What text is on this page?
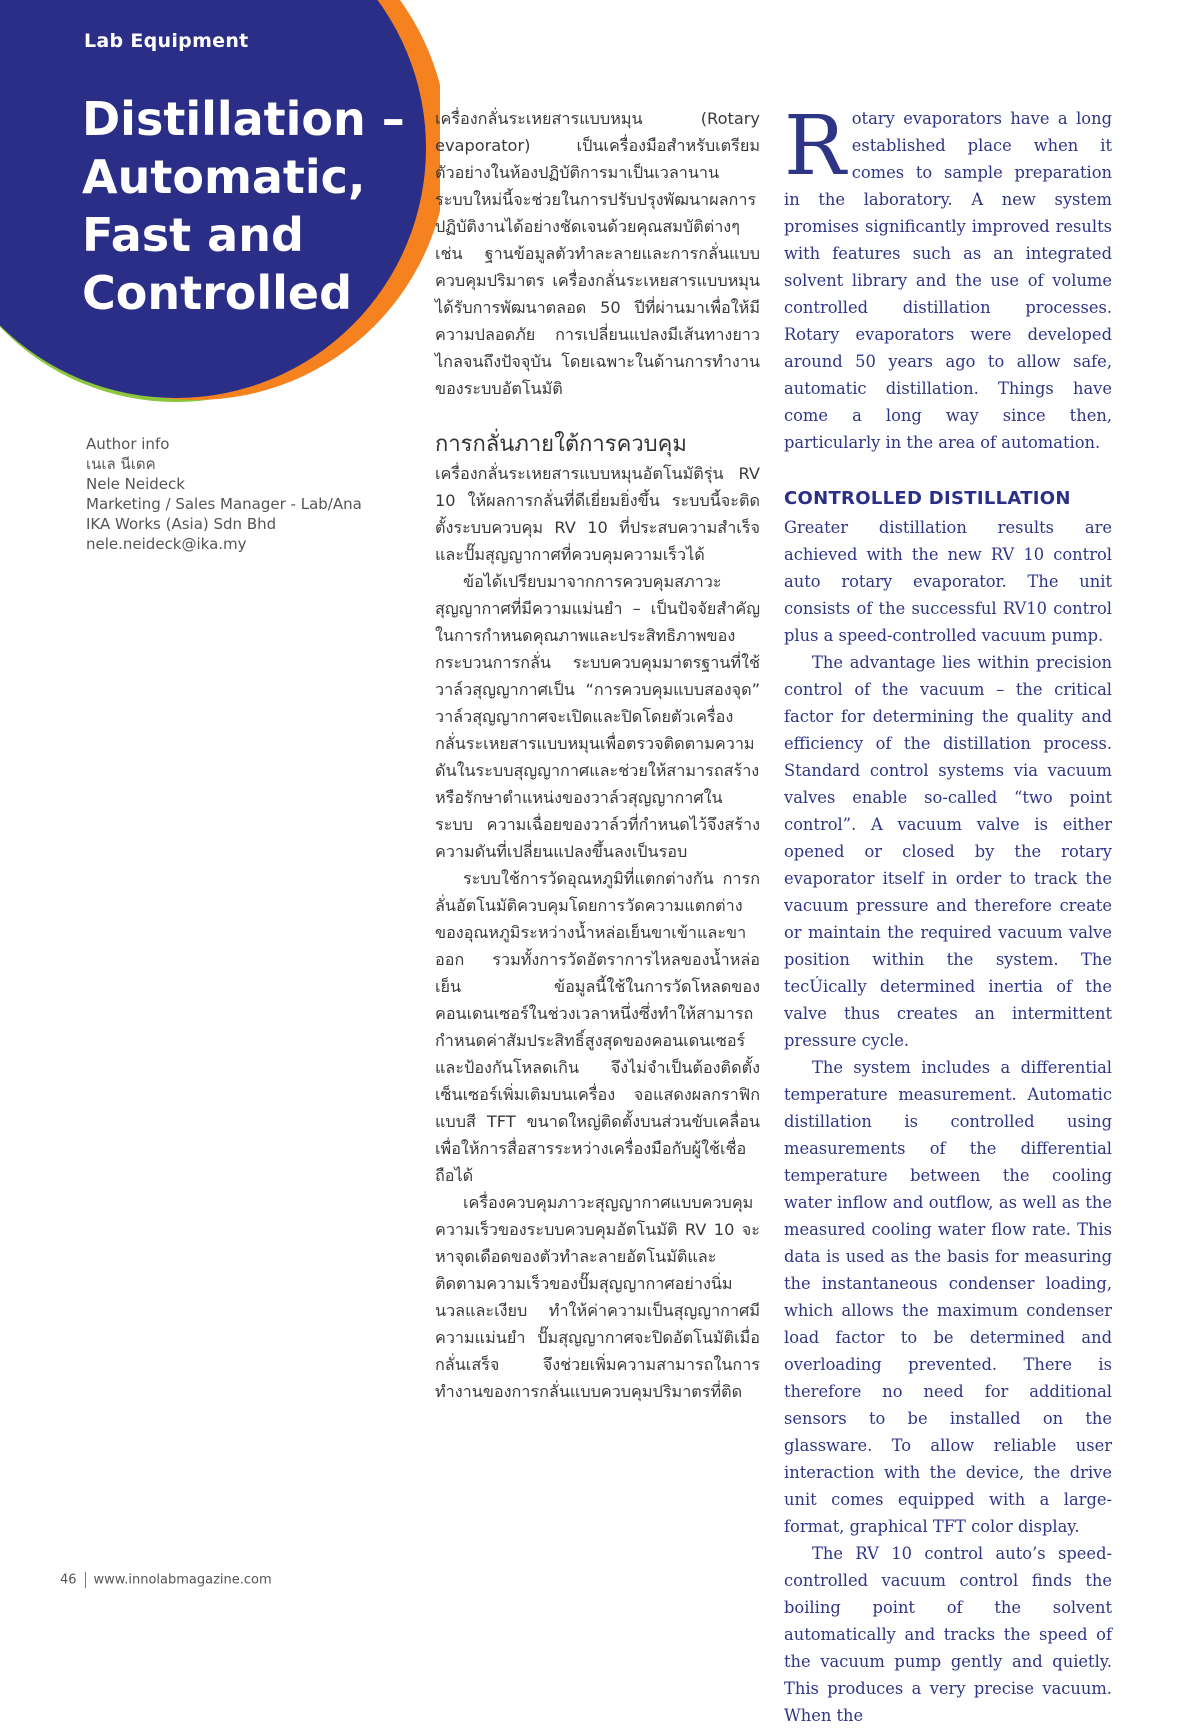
Lab Equipment

Distillation – Automatic, Fast and Controlled
Author info
เนเล นีเดค
Nele Neideck
Marketing / Sales Manager - Lab/Ana
IKA Works (Asia) Sdn Bhd
nele.neideck@ika.my

เครื่องกลั่นระเหยสารแบบหมุน (Rotary evaporator) เป็นเครื่องมือสำหรับเตรียมตัวอย่างในห้องปฏิบัติการมาเป็นเวลานาน ระบบใหม่นี้จะช่วยในการปรับปรุงพัฒนาผลการปฏิบัติงานได้อย่างชัดเจนด้วยคุณสมบัติต่างๆ เช่น ฐานข้อมูลตัวทำละลายและการกลั่นแบบควบคุมปริมาตร เครื่องกลั่นระเหยสารแบบหมุนได้รับการพัฒนาตลอด 50 ปีที่ผ่านมาเพื่อให้มีความปลอดภัย การเปลี่ยนแปลงมีเส้นทางยาวไกลจนถึงปัจจุบัน โดยเฉพาะในด้านการทำงานของระบบอัตโนมัติ

การกลั่นภายใต้การควบคุม

เครื่องกลั่นระเหยสารแบบหมุนอัตโนมัติรุ่น RV 10 ให้ผลการกลั่นที่ดีเยี่ยมยิ่งขึ้น ระบบนี้จะติดตั้งระบบควบคุม RV 10 ที่ประสบความสำเร็จและปั๊มสุญญากาศที่ควบคุมความเร็วได้

ข้อได้เปรียบมาจากการควบคุมสภาวะสุญญากาศที่มีความแม่นยำ – เป็นปัจจัยสำคัญในการกำหนดคุณภาพและประสิทธิภาพของกระบวนการกลั่น ระบบควบคุมมาตรฐานที่ใช้วาล์วสุญญากาศเป็น “การควบคุมแบบสองจุด” วาล์วสุญญากาศจะเปิดและปิดโดยตัวเครื่องกลั่นระเหยสารแบบหมุนเพื่อตรวจติดตามความดันในระบบสุญญากาศและช่วยให้สามารถสร้างหรือรักษาตำแหน่งของวาล์วสุญญากาศในระบบ ความเฉื่อยของวาล์วที่กำหนดไว้จึงสร้างความดันที่เปลี่ยนแปลงขึ้นลงเป็นรอบ

ระบบใช้การวัดอุณหภูมิที่แตกต่างกัน การกลั่นอัตโนมัติควบคุมโดยการวัดความแตกต่างของอุณหภูมิระหว่างน้ำหล่อเย็นขาเข้าและขาออก รวมทั้งการวัดอัตราการไหลของน้ำหล่อเย็น ข้อมูลนี้ใช้ในการวัดโหลดของคอนเดนเซอร์ในช่วงเวลาหนึ่งซึ่งทำให้สามารถกำหนดค่าสัมประสิทธิ์สูงสุดของคอนเดนเซอร์และป้องกันโหลดเกิน จึงไม่จำเป็นต้องติดตั้งเซ็นเซอร์เพิ่มเติมบนเครื่อง จอแสดงผลกราฟิกแบบสี TFT ขนาดใหญ่ติดตั้งบนส่วนขับเคลื่อนเพื่อให้การสื่อสารระหว่างเครื่องมือกับผู้ใช้เชื่อถือได้

เครื่องควบคุมภาวะสุญญากาศแบบควบคุมความเร็วของระบบควบคุมอัตโนมัติ RV 10 จะหาจุดเดือดของตัวทำละลายอัตโนมัติและติดตามความเร็วของปั๊มสุญญากาศอย่างนิ่มนวลและเงียบ ทำให้ค่าความเป็นสุญญากาศมีความแม่นยำ ปั๊มสุญญากาศจะปิดอัตโนมัติเมื่อกลั่นเสร็จ จึงช่วยเพิ่มความสามารถในการทำงานของการกลั่นแบบควบคุมปริมาตรที่ติด

Rotary evaporators have a long established place when it comes to sample preparation in the laboratory. A new system promises significantly improved results with features such as an integrated solvent library and the use of volume controlled distillation processes. Rotary evaporators were developed around 50 years ago to allow safe, automatic distillation. Things have come a long way since then, particularly in the area of automation.

CONTROLLED DISTILLATION

Greater distillation results are achieved with the new RV 10 control auto rotary evaporator. The unit consists of the successful RV10 control plus a speed-controlled vacuum pump.

The advantage lies within precision control of the vacuum – the critical factor for determining the quality and efficiency of the distillation process. Standard control systems via vacuum valves enable so-called “two point control”. A vacuum valve is either opened or closed by the rotary evaporator itself in order to track the vacuum pressure and therefore create or maintain the required vacuum valve position within the system. The tecÚically determined inertia of the valve thus creates an intermittent pressure cycle.

The system includes a differential temperature measurement. Automatic distillation is controlled using measurements of the differential temperature between the cooling water inflow and outflow, as well as the measured cooling water flow rate. This data is used as the basis for measuring the instantaneous condenser loading, which allows the maximum condenser load factor to be determined and overloading prevented. There is therefore no need for additional sensors to be installed on the glassware. To allow reliable user interaction with the device, the drive unit comes equipped with a large-format, graphical TFT color display.

The RV 10 control auto’s speed-controlled vacuum control finds the boiling point of the solvent automatically and tracks the speed of the vacuum pump gently and quietly. This produces a very precise vacuum. When the

46 www.innolabmagazine.com
